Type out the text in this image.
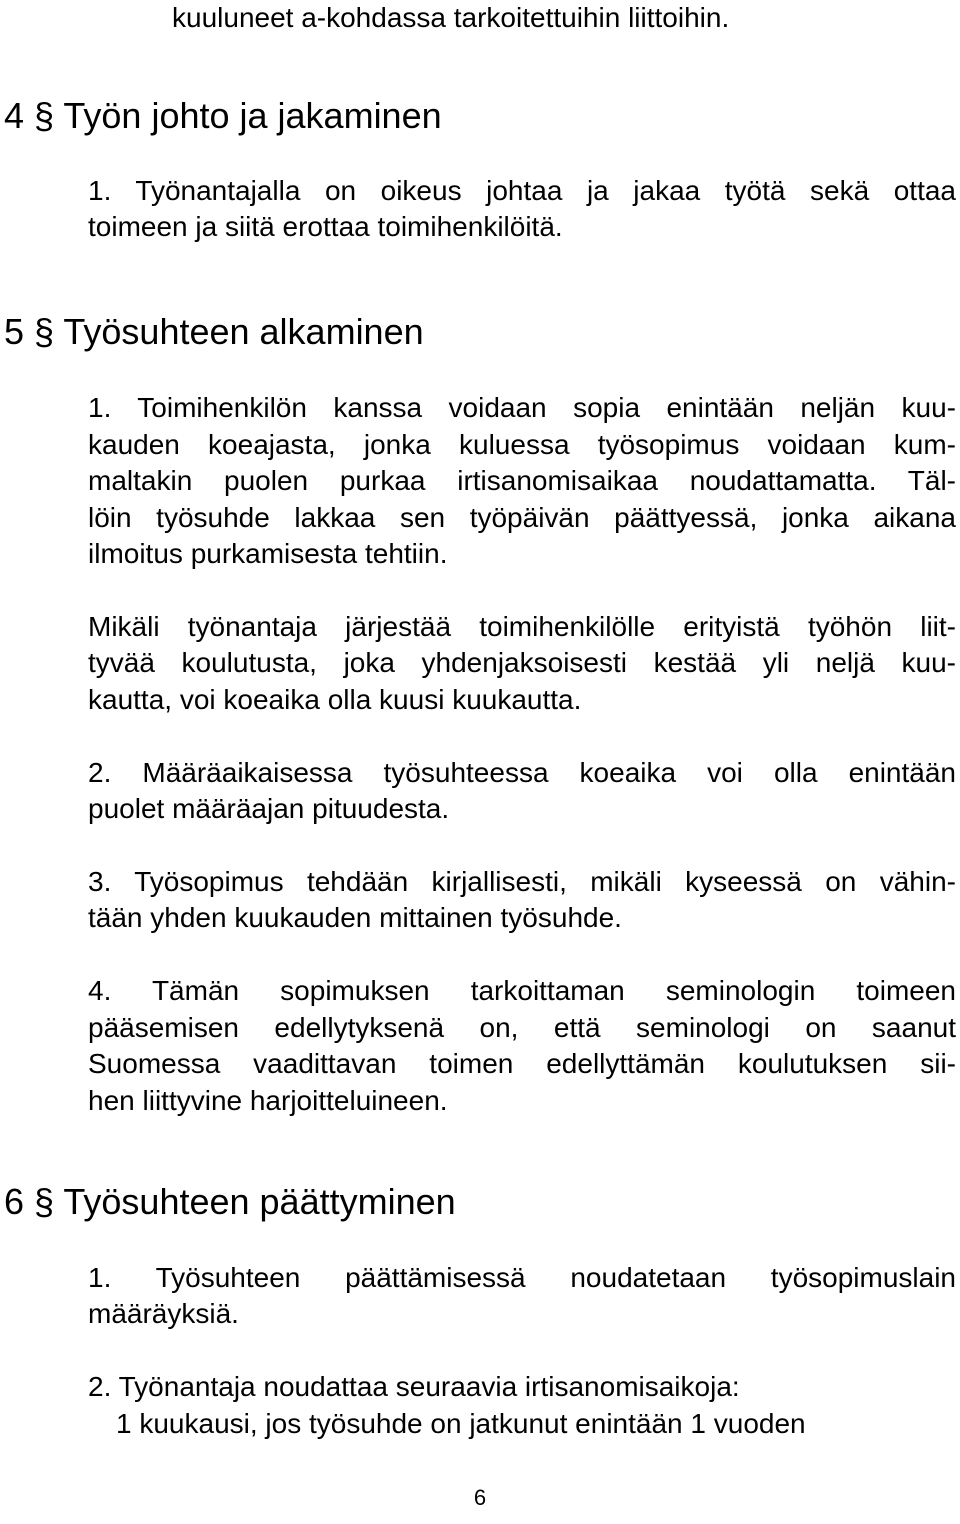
kuuluneet a-kohdassa tarkoitettuihin liittoihin.
4 § Työn johto ja jakaminen
1. Työnantajalla on oikeus johtaa ja jakaa työtä sekä ottaa
toimeen ja siitä erottaa toimihenkilöitä.
5 § Työsuhteen alkaminen
1. Toimihenkilön kanssa voidaan sopia enintään neljän kuu-
kauden koeajasta, jonka kuluessa työsopimus voidaan kum-
maltakin puolen purkaa irtisanomisaikaa noudattamatta. Täl-
löin työsuhde lakkaa sen työpäivän päättyessä, jonka aikana
ilmoitus purkamisesta tehtiin.
Mikäli työnantaja järjestää toimihenkilölle erityistä työhön liit-
tyvää koulutusta, joka yhdenjaksoisesti kestää yli neljä kuu-
kautta, voi koeaika olla kuusi kuukautta.
2. Määräaikaisessa työsuhteessa koeaika voi olla enintään
puolet määräajan pituudesta.
3. Työsopimus tehdään kirjallisesti, mikäli kyseessä on vähin-
tään yhden kuukauden mittainen työsuhde.
4. Tämän sopimuksen tarkoittaman seminologin toimeen
pääsemisen edellytyksenä on, että seminologi on saanut
Suomessa vaadittavan toimen edellyttämän koulutuksen sii-
hen liittyvine harjoitteluineen.
6 § Työsuhteen päättyminen
1. Työsuhteen päättämisessä noudatetaan työsopimuslain
määräyksiä.
2. Työnantaja noudattaa seuraavia irtisanomisaikoja:
1 kuukausi, jos työsuhde on jatkunut enintään 1 vuoden
6
